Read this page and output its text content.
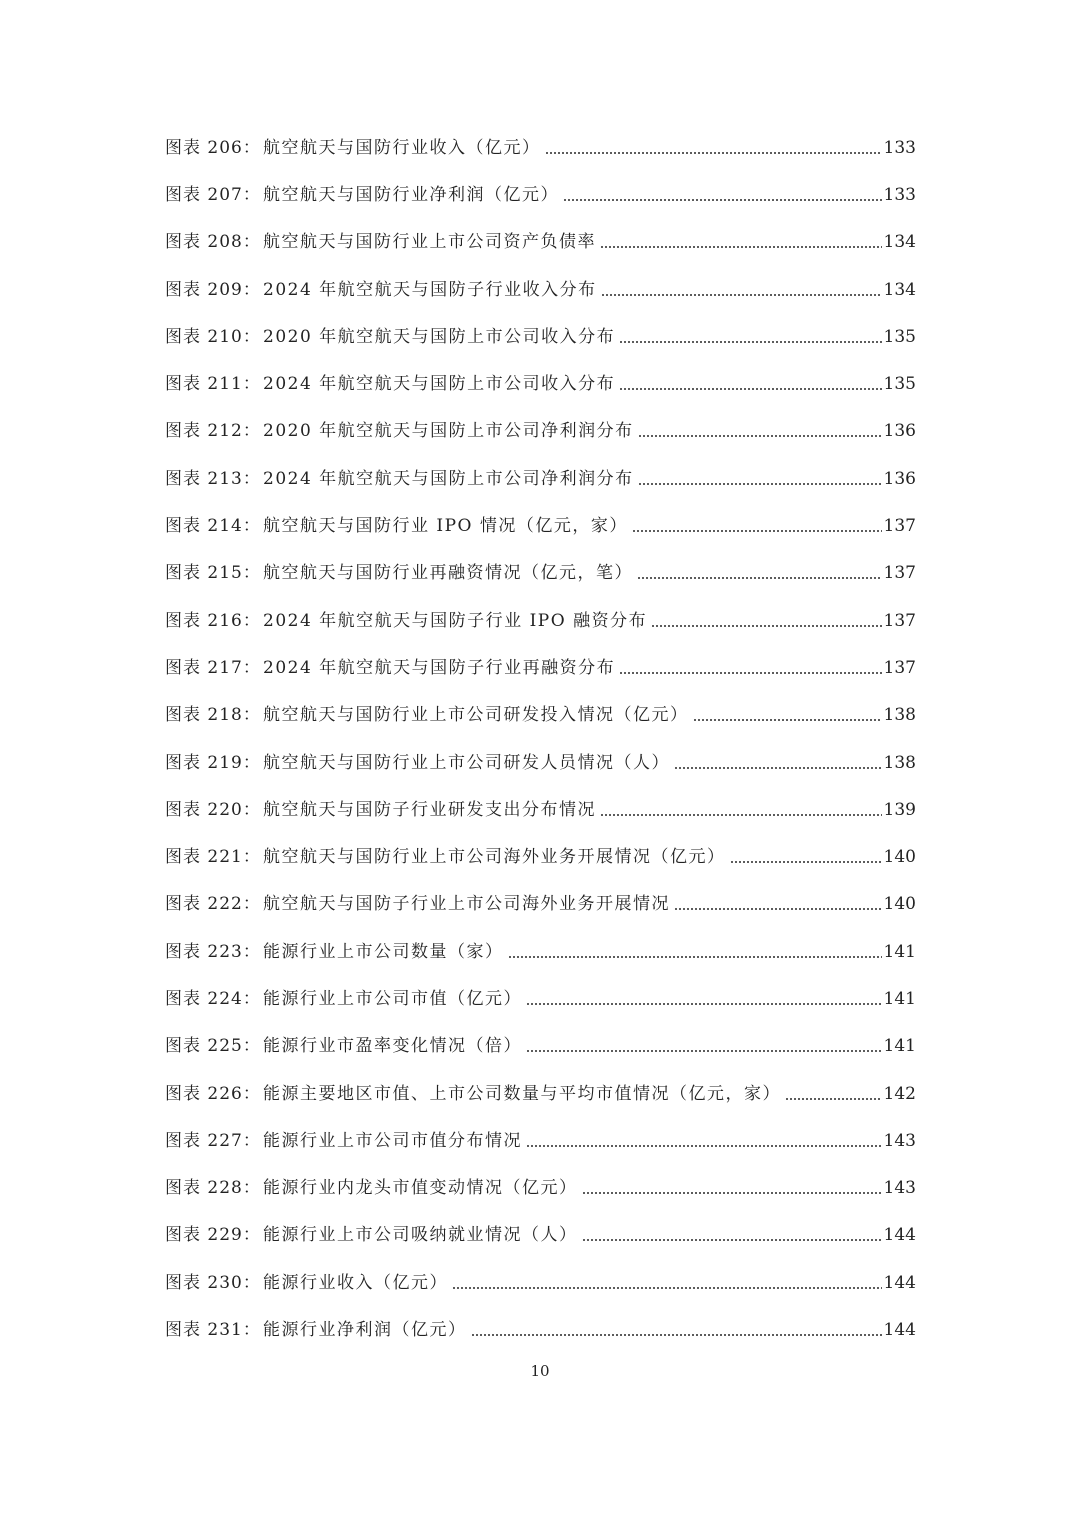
图表 206： 航空航天与国防行业收入（亿元）	133
图表 207： 航空航天与国防行业净利润（亿元）	133
图表 208： 航空航天与国防行业上市公司资产负债率	134
图表 209： 2024 年航空航天与国防子行业收入分布	134
图表 210： 2020 年航空航天与国防上市公司收入分布	135
图表 211： 2024 年航空航天与国防上市公司收入分布	135
图表 212： 2020 年航空航天与国防上市公司净利润分布	136
图表 213： 2024 年航空航天与国防上市公司净利润分布	136
图表 214： 航空航天与国防行业 IPO 情况（亿元，家）	137
图表 215： 航空航天与国防行业再融资情况（亿元，笔）	137
图表 216： 2024 年航空航天与国防子行业 IPO 融资分布	137
图表 217： 2024 年航空航天与国防子行业再融资分布	137
图表 218： 航空航天与国防行业上市公司研发投入情况（亿元）	138
图表 219： 航空航天与国防行业上市公司研发人员情况（人）	138
图表 220： 航空航天与国防子行业研发支出分布情况	139
图表 221： 航空航天与国防行业上市公司海外业务开展情况（亿元）	140
图表 222： 航空航天与国防子行业上市公司海外业务开展情况	140
图表 223： 能源行业上市公司数量（家）	141
图表 224： 能源行业上市公司市值（亿元）	141
图表 225： 能源行业市盈率变化情况（倍）	141
图表 226： 能源主要地区市值、上市公司数量与平均市值情况（亿元，家）	142
图表 227： 能源行业上市公司市值分布情况	143
图表 228： 能源行业内龙头市值变动情况（亿元）	143
图表 229： 能源行业上市公司吸纳就业情况（人）	144
图表 230： 能源行业收入（亿元）	144
图表 231： 能源行业净利润（亿元）	144
10
